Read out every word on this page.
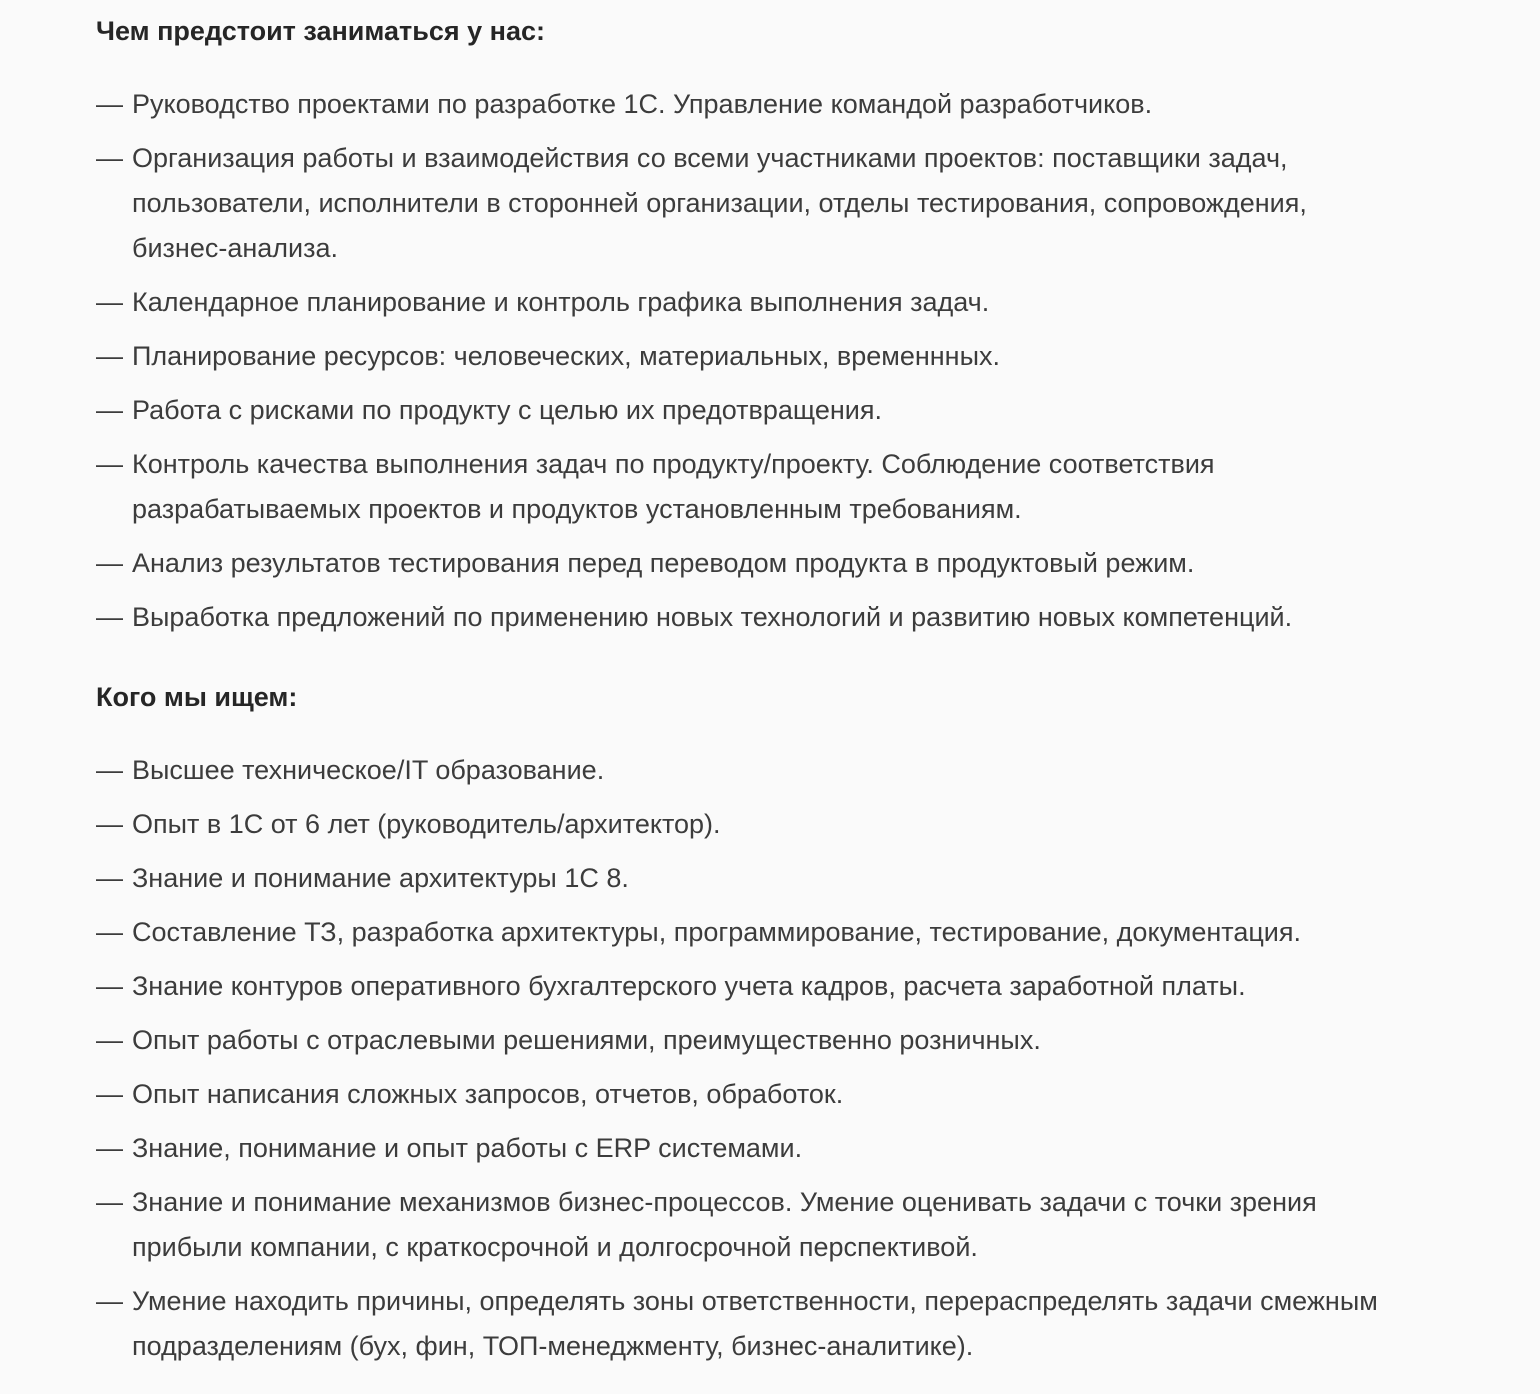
Чем предстоит заниматься у нас:
— Руководство проектами по разработке 1С. Управление командой разработчиков.
— Организация работы и взаимодействия со всеми участниками проектов: поставщики задач,
пользователи, исполнители в сторонней организации, отделы тестирования, сопровождения,
бизнес-анализа.
— Календарное планирование и контроль графика выполнения задач.
— Планирование ресурсов: человеческих, материальных, временнных.
— Работа с рисками по продукту с целью их предотвращения.
— Контроль качества выполнения задач по продукту/проекту. Соблюдение соответствия
разрабатываемых проектов и продуктов установленным требованиям.
— Анализ результатов тестирования перед переводом продукта в продуктовый режим.
— Выработка предложений по применению новых технологий и развитию новых компетенций.
Кого мы ищем:
— Высшее техническое/IT образование.
— Опыт в 1С от 6 лет (руководитель/архитектор).
— Знание и понимание архитектуры 1С 8.
— Составление ТЗ, разработка архитектуры, программирование, тестирование, документация.
— Знание контуров оперативного бухгалтерского учета кадров, расчета заработной платы.
— Опыт работы с отраслевыми решениями, преимущественно розничных.
— Опыт написания сложных запросов, отчетов, обработок.
— Знание, понимание и опыт работы с ERP системами.
— Знание и понимание механизмов бизнес-процессов. Умение оценивать задачи с точки зрения
прибыли компании, с краткосрочной и долгосрочной перспективой.
— Умение находить причины, определять зоны ответственности, перераспределять задачи смежным
подразделениям (бух, фин, ТОП-менеджменту, бизнес-аналитике).
